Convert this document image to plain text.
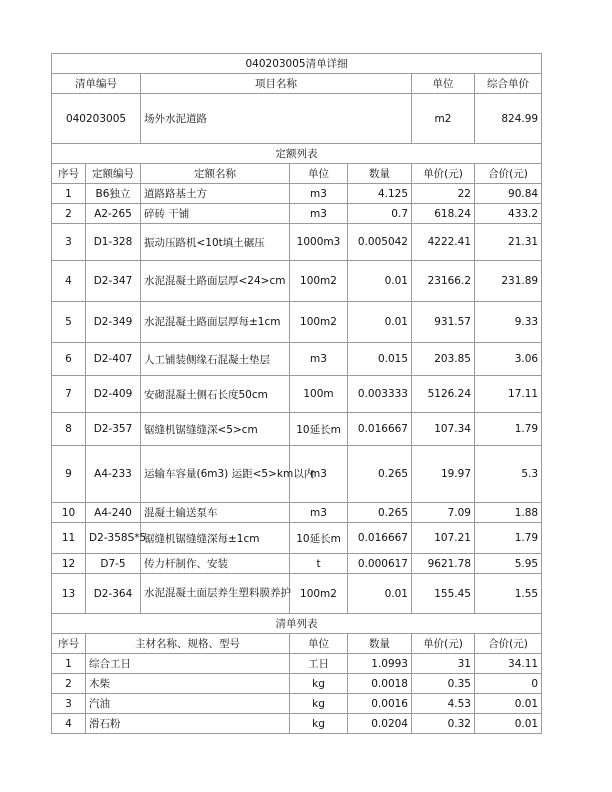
040203005清单详细						
清单编号		项目名称			单位	综合单价
040203005		场外水泥道路			m2	824.99
定额列表						
序号	定额编号	定额名称	单位	数量	单价(元)	合价(元)
1	B6独立	道路路基土方	m3	4.125	22	90.84
2	A2-265	碎砖 干铺	m3	0.7	618.24	433.2
3	D1-328	振动压路机<10t填土碾压	1000m3	0.005042	4222.41	21.31
4	D2-347	水泥混凝土路面层厚<24>cm	100m2	0.01	23166.2	231.89
5	D2-349	水泥混凝土路面层厚每±1cm	100m2	0.01	931.57	9.33
6	D2-407	人工铺装侧缘石混凝土垫层	m3	0.015	203.85	3.06
7	D2-409	安砌混凝土侧石长度50cm	100m	0.003333	5126.24	17.11
8	D2-357	锯缝机锯缝缝深<5>cm	10延长m	0.016667	107.34	1.79
9	A4-233	运输车容量(6m3) 运距<5>km以内	m3	0.265	19.97	5.3
10	A4-240	混凝土输送泵车	m3	0.265	7.09	1.88
11	D2-358S*5	锯缝机锯缝缝深每±1cm	10延长m	0.016667	107.21	1.79
12	D7-5	传力杆制作、安装	t	0.000617	9621.78	5.95
13	D2-364	水泥混凝土面层养生塑料膜养护	100m2	0.01	155.45	1.55
清单列表						
序号	主材名称、规格、型号		单位	数量	单价(元)	合价(元)
1	综合工日		工日	1.0993	31	34.11
2	木柴		kg	0.0018	0.35	0
3	汽油		kg	0.0016	4.53	0.01
4	滑石粉		kg	0.0204	0.32	0.01
